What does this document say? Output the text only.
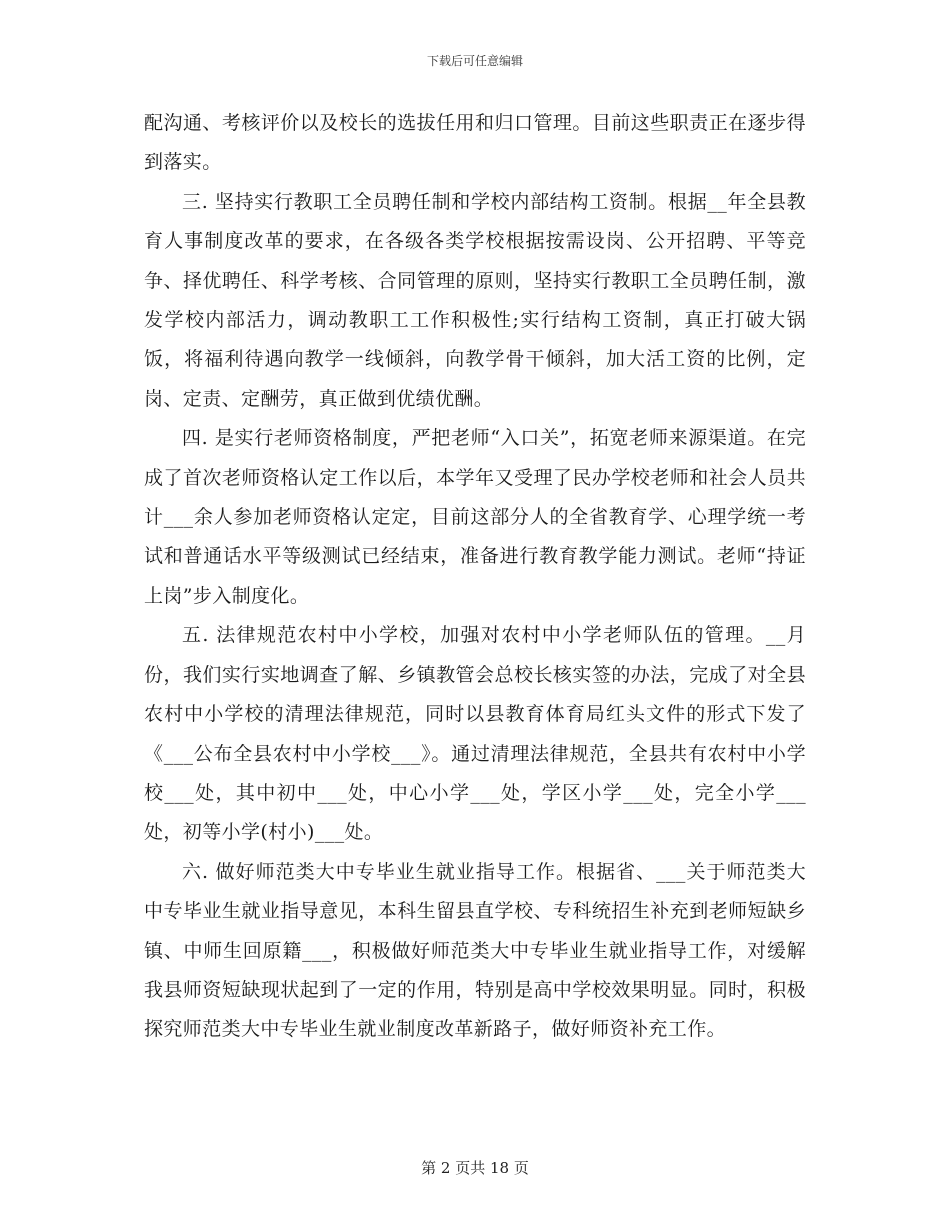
下载后可任意编辑

配沟通、考核评价以及校长的选拔任用和归口管理。目前这些职责正在逐步得到落实。

三. 坚持实行教职工全员聘任制和学校内部结构工资制。根据__年全县教育人事制度改革的要求，在各级各类学校根据按需设岗、公开招聘、平等竞争、择优聘任、科学考核、合同管理的原则，坚持实行教职工全员聘任制，激发学校内部活力，调动教职工工作积极性;实行结构工资制，真正打破大锅饭，将福利待遇向教学一线倾斜，向教学骨干倾斜，加大活工资的比例，定岗、定责、定酬劳，真正做到优绩优酬。

四. 是实行老师资格制度，严把老师“入口关”，拓宽老师来源渠道。在完成了首次老师资格认定工作以后，本学年又受理了民办学校老师和社会人员共计___余人参加老师资格认定定，目前这部分人的全省教育学、心理学统一考试和普通话水平等级测试已经结束，准备进行教育教学能力测试。老师“持证上岗”步入制度化。

五. 法律规范农村中小学校，加强对农村中小学老师队伍的管理。__月份，我们实行实地调查了解、乡镇教管会总校长核实签的办法，完成了对全县农村中小学校的清理法律规范，同时以县教育体育局红头文件的形式下发了《___公布全县农村中小学校___》。通过清理法律规范，全县共有农村中小学校___处，其中初中___处，中心小学___处，学区小学___处，完全小学___处，初等小学(村小)___处。

六. 做好师范类大中专毕业生就业指导工作。根据省、___关于师范类大中专毕业生就业指导意见，本科生留县直学校、专科统招生补充到老师短缺乡镇、中师生回原籍___，积极做好师范类大中专毕业生就业指导工作，对缓解我县师资短缺现状起到了一定的作用，特别是高中学校效果明显。同时，积极探究师范类大中专毕业生就业制度改革新路子，做好师资补充工作。

第 2 页共 18 页
